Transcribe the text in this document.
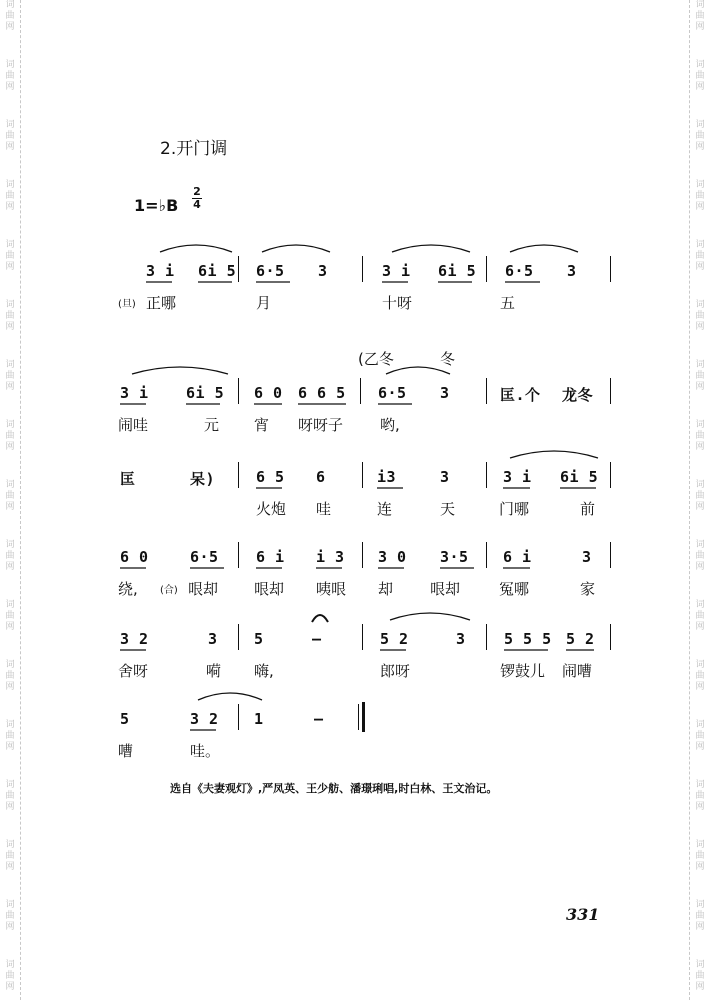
词
曲
网
词
曲
网
词
曲
网
词
曲
网
词
曲
网
词
曲
网
词
曲
网
词
曲
网
词
曲
网
词
曲
网
词
曲
网
词
曲
网
词
曲
网
词
曲
网
词
曲
网
词
曲
网
词
曲
网
词
曲
网
词
曲
网
词
曲
网
词
曲
网
词
曲
网
词
曲
网
词
曲
网
词
曲
网
词
曲
网
词
曲
网
词
曲
网
词
曲
网
词
曲
网
词
曲
网
词
曲
网
词
曲
网
词
曲
网
2.开门调
1=♭B
2
4
3 i 6i 5 6·5 3	3 i 6i 5 6·5 3
(旦) 正哪	月	十呀	五
(乙冬	冬
3 i 6i 5 6 0 6 6 5 6·5 3	匡.个 龙冬
闹哇	元 宵 呀呀子 哟,
匡	呆)	6 5 6	i3	3	3 i 6i 5
火炮 哇	连	天	门哪	前
6 0	6·5 6 i i 3 3 0 3·5 6 i	3
绕, (合) 哏却 哏却 咦哏 却 哏却	冤哪	家
3 2	3 5	—	5 2	3	5 5 5 5 2
舍呀	嗬 嗨,	郎呀	锣鼓儿 闹嘈
5	3 2 1	—
嘈	哇。
选自《夫妻观灯》,严凤英、王少舫、潘璟琍唱,时白林、王文治记。
331
